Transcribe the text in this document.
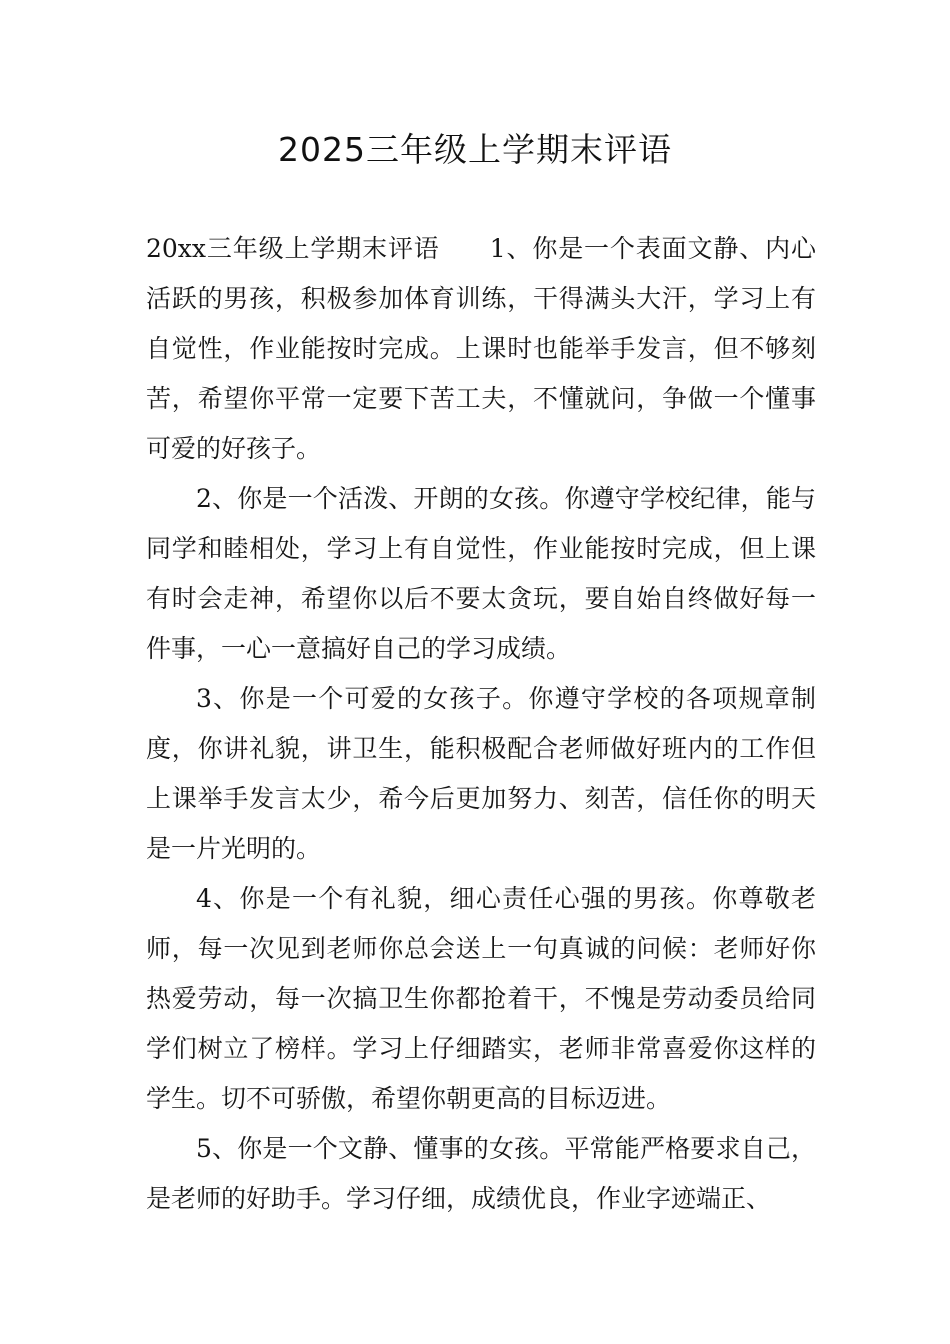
2025三年级上学期末评语

20xx三年级上学期末评语 1、你是一个表面文静、内心活跃的男孩，积极参加体育训练，干得满头大汗，学习上有自觉性，作业能按时完成。上课时也能举手发言，但不够刻苦，希望你平常一定要下苦工夫，不懂就问，争做一个懂事可爱的好孩子。

2、你是一个活泼、开朗的女孩。你遵守学校纪律，能与同学和睦相处，学习上有自觉性，作业能按时完成，但上课有时会走神，希望你以后不要太贪玩，要自始自终做好每一件事，一心一意搞好自己的学习成绩。

3、你是一个可爱的女孩子。你遵守学校的各项规章制度，你讲礼貌，讲卫生，能积极配合老师做好班内的工作但上课举手发言太少，希今后更加努力、刻苦，信任你的明天是一片光明的。

4、你是一个有礼貌，细心责任心强的男孩。你尊敬老师，每一次见到老师你总会送上一句真诚的问候：老师好你热爱劳动，每一次搞卫生你都抢着干，不愧是劳动委员给同学们树立了榜样。学习上仔细踏实，老师非常喜爱你这样的学生。切不可骄傲，希望你朝更高的目标迈进。

5、你是一个文静、懂事的女孩。平常能严格要求自己，是老师的好助手。学习仔细，成绩优良，作业字迹端正、
